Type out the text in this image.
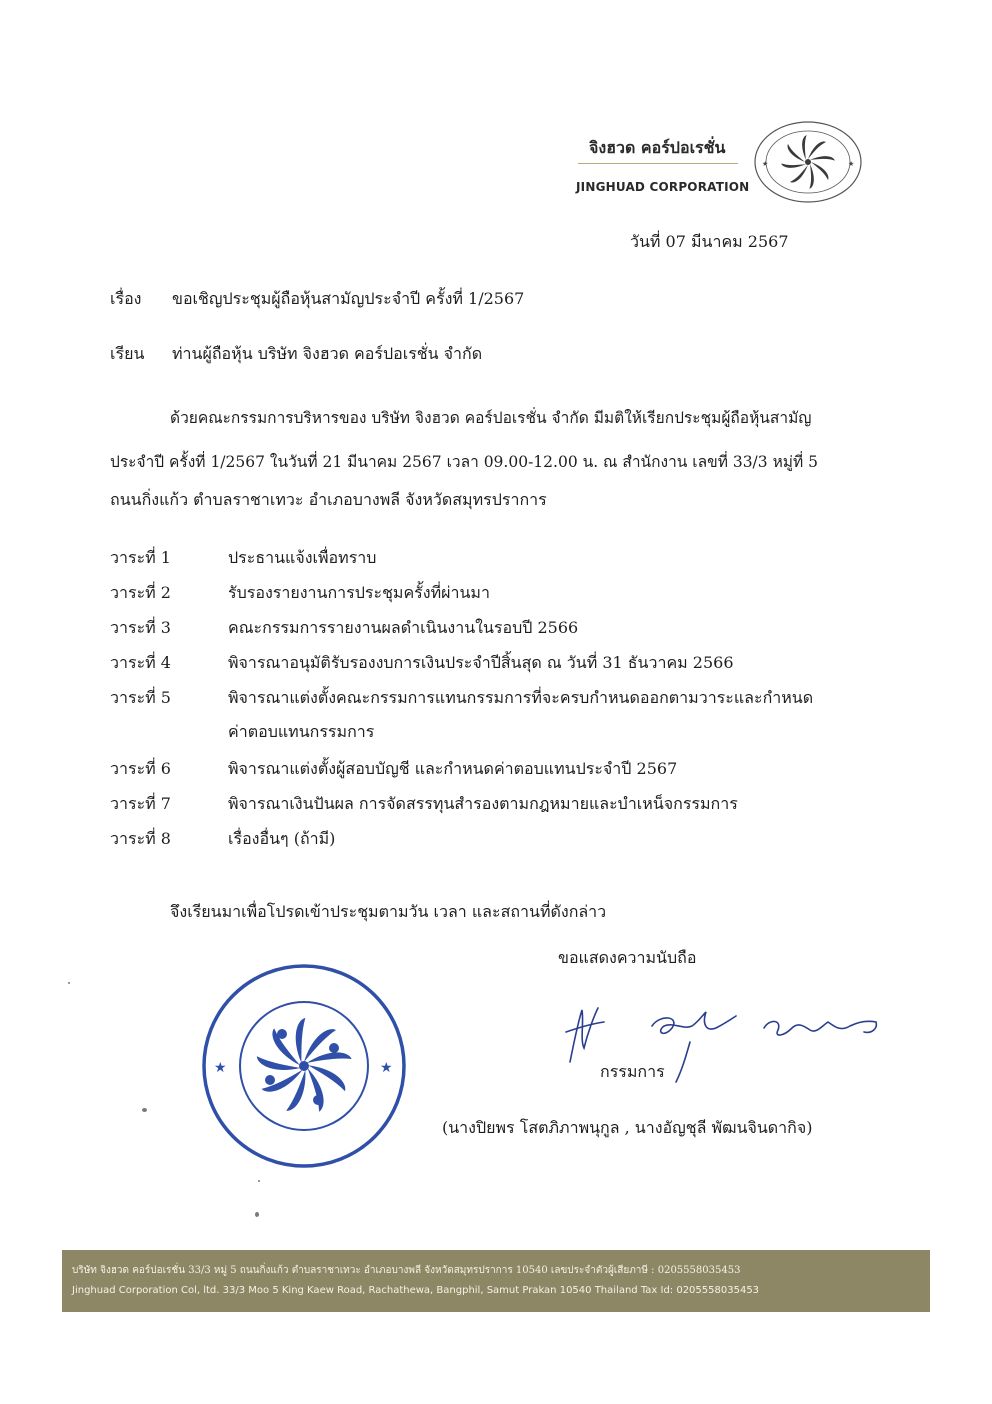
จิงฮวด คอร์ปอเรชั่น
JINGHUAD CORPORATION
★	★
วันที่ 07 มีนาคม 2567
เรื่อง ขอเชิญประชุมผู้ถือหุ้นสามัญประจำปี ครั้งที่ 1/2567
เรียน ท่านผู้ถือหุ้น บริษัท จิงฮวด คอร์ปอเรชั่น จำกัด
ด้วยคณะกรรมการบริหารของ บริษัท จิงฮวด คอร์ปอเรชั่น จำกัด มีมติให้เรียกประชุมผู้ถือหุ้นสามัญ
ประจำปี ครั้งที่ 1/2567 ในวันที่ 21 มีนาคม 2567 เวลา 09.00-12.00 น. ณ สำนักงาน เลขที่ 33/3 หมู่ที่ 5
ถนนกิ่งแก้ว ตำบลราชาเทวะ อำเภอบางพลี จังหวัดสมุทรปราการ
วาระที่ 1	ประธานแจ้งเพื่อทราบ
วาระที่ 2	รับรองรายงานการประชุมครั้งที่ผ่านมา
วาระที่ 3	คณะกรรมการรายงานผลดำเนินงานในรอบปี 2566
วาระที่ 4	พิจารณาอนุมัติรับรองงบการเงินประจำปีสิ้นสุด ณ วันที่ 31 ธันวาคม 2566
วาระที่ 5	พิจารณาแต่งตั้งคณะกรรมการแทนกรรมการที่จะครบกำหนดออกตามวาระและกำหนด
ค่าตอบแทนกรรมการ
วาระที่ 6	พิจารณาแต่งตั้งผู้สอบบัญชี และกำหนดค่าตอบแทนประจำปี 2567
วาระที่ 7	พิจารณาเงินปันผล การจัดสรรทุนสำรองตามกฎหมายและบำเหน็จกรรมการ
วาระที่ 8	เรื่องอื่นๆ (ถ้ามี)
จึงเรียนมาเพื่อโปรดเข้าประชุมตามวัน เวลา และสถานที่ดังกล่าว
ขอแสดงความนับถือ
★	★	กรรมการ
(นางปิยพร โสตภิภาพนุกูล , นางอัญชุลี พัฒนจินดากิจ)
บริษัท จิงฮวด คอร์ปอเรชั่น 33/3 หมู่ 5 ถนนกิ่งแก้ว ตำบลราชาเทวะ อำเภอบางพลี จังหวัดสมุทรปราการ 10540 เลขประจำตัวผู้เสียภาษี : 0205558035453
Jinghuad Corporation Col, ltd. 33/3 Moo 5 King Kaew Road, Rachathewa, Bangphil, Samut Prakan 10540 Thailand Tax Id: 0205558035453
